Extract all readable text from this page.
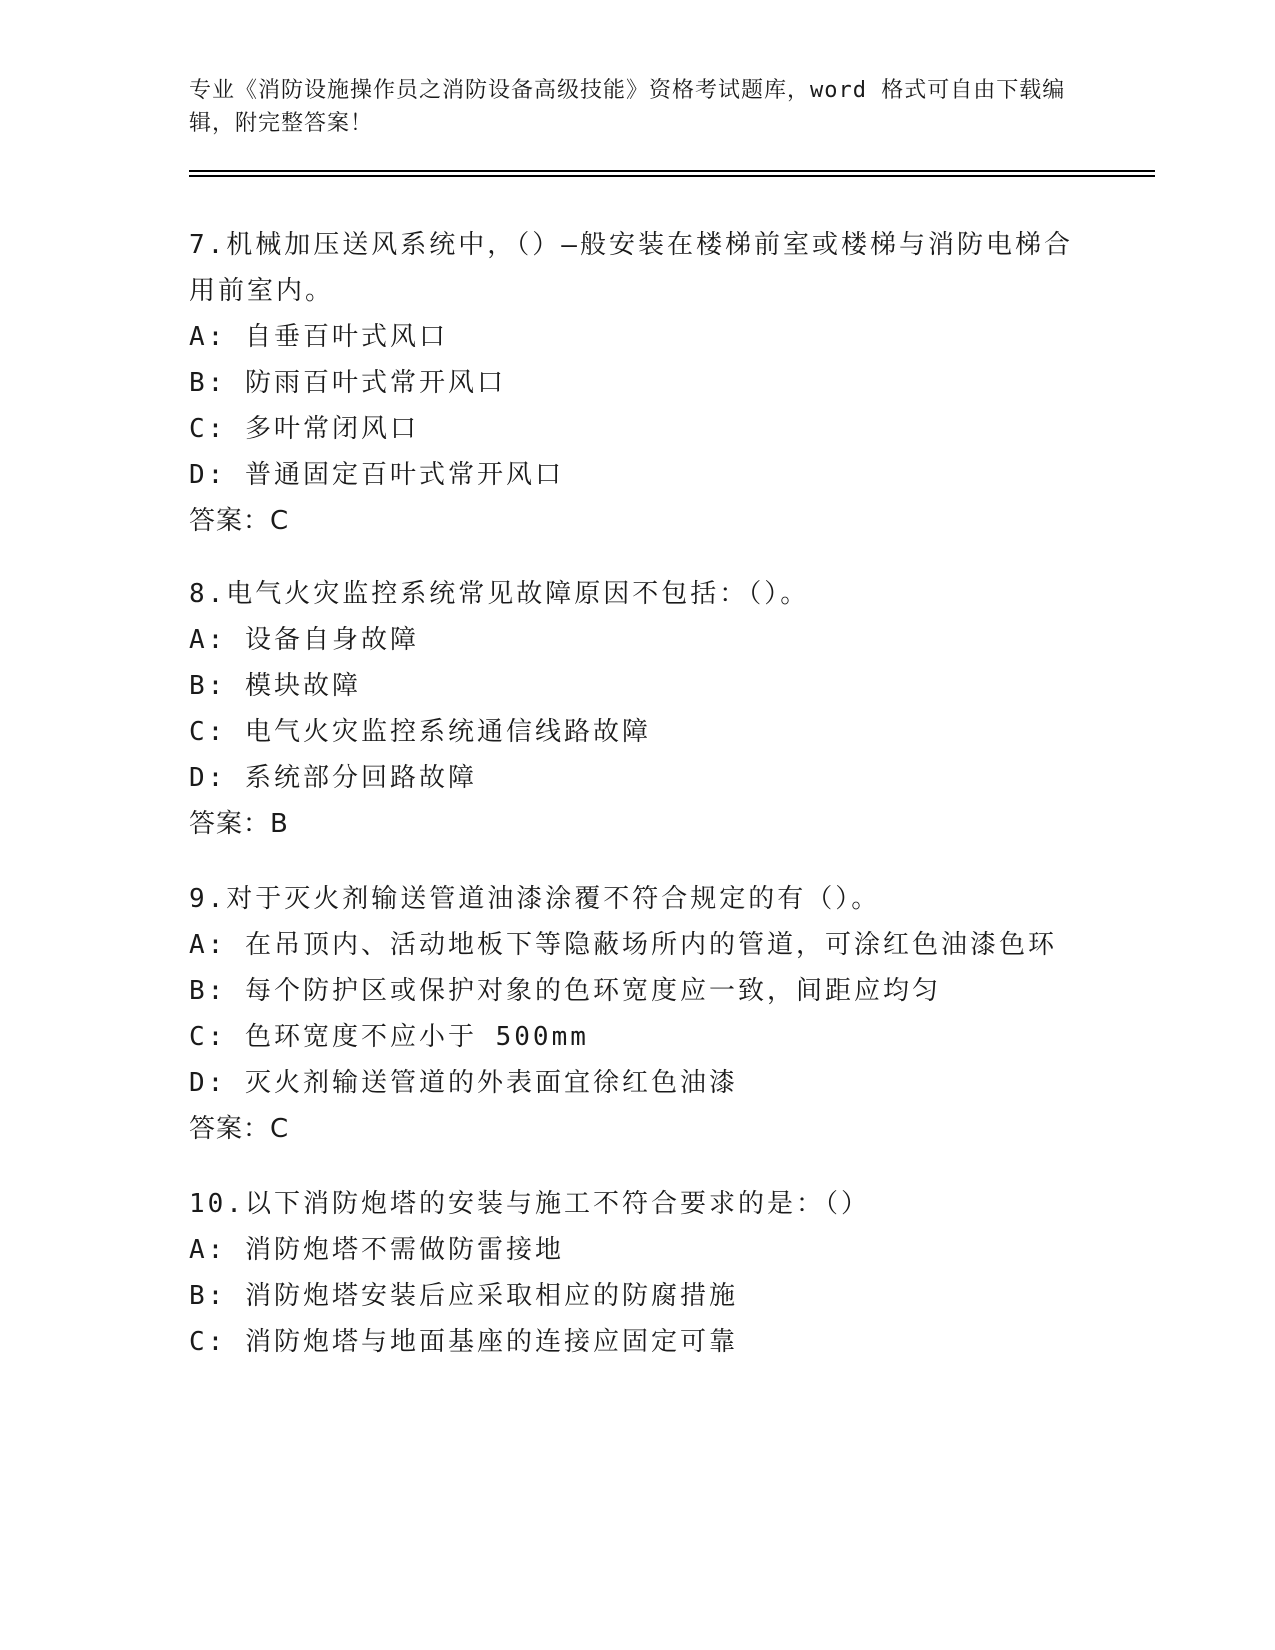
专业《消防设施操作员之消防设备高级技能》资格考试题库，word 格式可自由下载编辑，附完整答案！
7.机械加压送风系统中，（）—般安装在楼梯前室或楼梯与消防电梯合用前室内。
A: 自垂百叶式风口
B: 防雨百叶式常开风口
C: 多叶常闭风口
D: 普通固定百叶式常开风口
答案：C
8.电气火灾监控系统常见故障原因不包括：（）。
A: 设备自身故障
B: 模块故障
C: 电气火灾监控系统通信线路故障
D: 系统部分回路故障
答案：B
9.对于灭火剂输送管道油漆涂覆不符合规定的有（）。
A: 在吊顶内、活动地板下等隐蔽场所内的管道，可涂红色油漆色环
B: 每个防护区或保护对象的色环宽度应一致，间距应均匀
C: 色环宽度不应小于 500mm
D: 灭火剂输送管道的外表面宜徐红色油漆
答案：C
10.以下消防炮塔的安装与施工不符合要求的是：（）
A: 消防炮塔不需做防雷接地
B: 消防炮塔安装后应采取相应的防腐措施
C: 消防炮塔与地面基座的连接应固定可靠
